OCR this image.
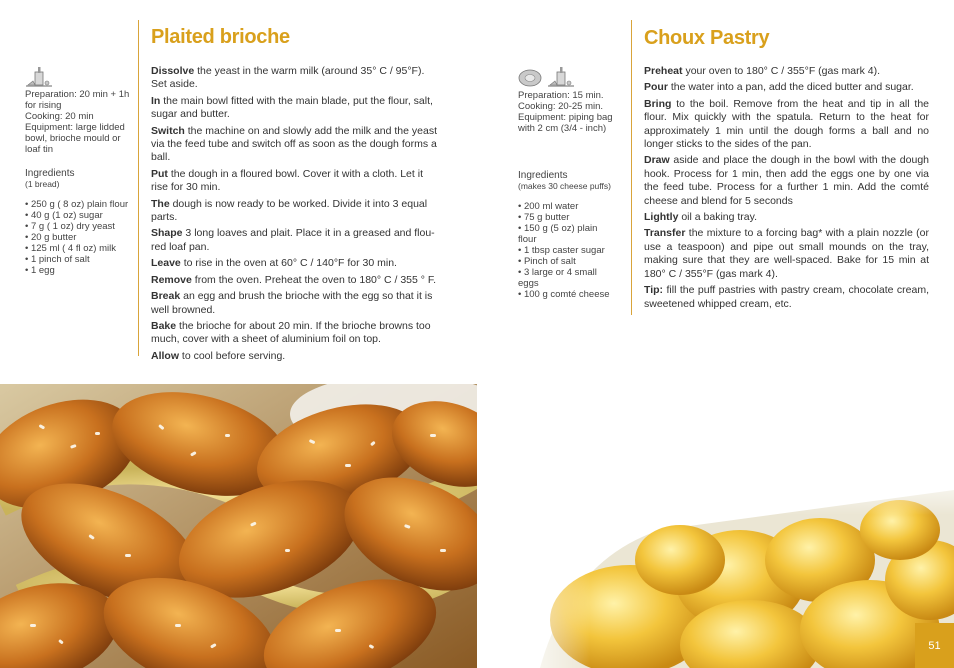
Preparation: 20 min + 1h for rising

Cooking: 20 min

Equipment: large lidded bowl, brioche mould or loaf tin

Ingredients

(1 bread)

• 250 g ( 8 oz) plain flour
• 40 g (1 oz) sugar
• 7 g ( 1 oz) dry yeast
• 20 g butter
• 125 ml ( 4 fl oz) milk
• 1 pinch of salt
• 1 egg
Plaited brioche

Dissolve the yeast in the warm milk (around 35° C / 95°F). Set aside.

In the main bowl fitted with the main blade, put the flour, salt, sugar and butter.

Switch the machine on and slowly add the milk and the yeast via the feed tube and switch off as soon as the dough forms a ball.

Put the dough in a floured bowl. Cover it with a cloth. Let it rise for 30 min.

The dough is now ready to be worked. Divide it into 3 equal parts.

Shape 3 long loaves and plait. Place it in a greased and flou-red loaf pan.

Leave to rise in the oven at 60° C / 140°F for 30 min.

Remove from the oven. Preheat the oven to 180° C / 355 ° F.

Break an egg and brush the brioche with the egg so that it is well browned.

Bake the brioche for about 20 min. If the brioche browns too much, cover with a sheet of aluminium foil on top.

Allow to cool before serving.

Preparation: 15 min.

Cooking: 20-25 min.

Equipment: piping bag with 2 cm (3/4 - inch)

Ingredients

(makes 30 cheese puffs)

• 200 ml water
• 75 g butter
• 150 g (5 oz) plain flour
• 1 tbsp caster sugar
• Pinch of salt
• 3 large or 4 small eggs
• 100 g comté cheese
Choux Pastry

Preheat your oven to 180° C / 355°F (gas mark 4).

Pour the water into a pan, add the diced butter and sugar.

Bring to the boil. Remove from the heat and tip in all the flour. Mix quickly with the spatula. Return to the heat for approximately 1 min until the dough forms a ball and no longer sticks to the sides of the pan.

Draw aside and place the dough in the bowl with the dough hook. Process for 1 min, then add the eggs one by one via the feed tube. Process for a further 1 min. Add the comté cheese and blend for 5 seconds

Lightly oil a baking tray.

Transfer the mixture to a forcing bag* with a plain nozzle (or use a teaspoon) and pipe out small mounds on the tray, making sure that they are well-spaced. Bake for 15 min at 180° C / 355°F (gas mark 4).

Tip: fill the puff pastries with pastry cream, chocolate cream, sweetened whipped cream, etc.

51
